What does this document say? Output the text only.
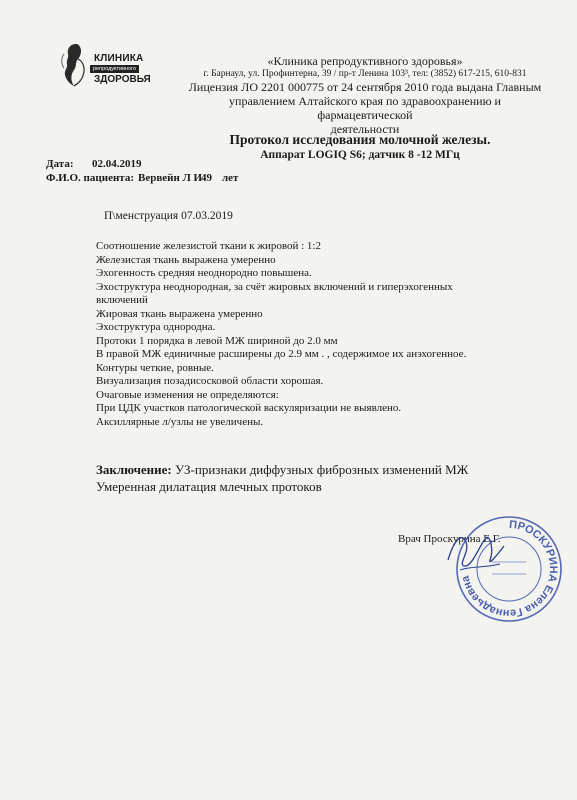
КЛИНИКА
репродуктивного
ЗДОРОВЬЯ
«Клиника репродуктивного здоровья»
г. Барнаул, ул. Профинтерна, 39 / пр-т Ленина 103³, тел: (3852) 617-215, 610-831
Лицензия ЛО 2201 000775 от 24 сентября 2010 года выдана Главным
управлением Алтайского края по здравоохранению и фармацевтической
деятельности
Протокол исследования молочной железы.
Аппарат LOGIQ S6; датчик 8 -12 МГц
Дата: 02.04.2019
Ф.И.О. пациента: Вервейн Л И
49 лет
П\менструация 07.03.2019
Соотношение железистой ткани к жировой : 1:2
Железистая ткань выражена умеренно
Эхогенность средняя неоднородно повышена.
Эхоструктура неоднородная, за счёт жировых включений и гиперэхогенных
включений
Жировая ткань выражена умеренно
Эхоструктура однородна.
Протоки 1 порядка в левой МЖ шириной до 2.0 мм
В правой МЖ единичные расширены до 2.9 мм . , содержимое их анэхогенное.
Контуры четкие, ровные.
Визуализация позадисосковой области хорошая.
Очаговые изменения не определяются:
При ЦДК участков патологической васкуляризации не выявлено.
Аксиллярные л/узлы не увеличены.
Заключение: УЗ-признаки диффузных фиброзных изменений МЖ
Умеренная дилатация млечных протоков
Врач Проскурина Е.Г.
ПРОСКУРИНА Елена Геннадьевна
